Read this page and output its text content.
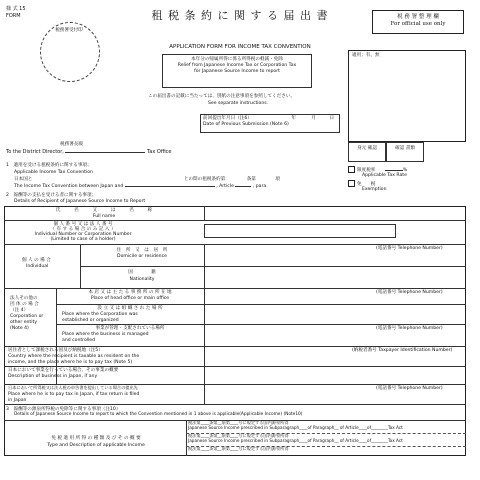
様 式 15
FORM
税務署受付印
租 税 条 約 に 関 す る 届 出 書
APPLICATION FORM FOR INCOME TAX CONVENTION
税 務 署 整 理 欄
For official use only
本年分の帰属所得に係る所得税の軽減・免除
Relief from Japanese Income Tax or Corporation Tax
for Japanese Source Income to report
適用；有、無
この届出書の記載に当たっては、別紙の注意事項を参照してください。
See separate instructions.
前回提出年月日（注6）	年	月	日
Date of Previous Submission (Note 6)
身元 確認	確認 書類
税務署長殿
To the District Director,	Tax Office
1　適用を受ける租税条約に関する事項；
Applicable Income Tax Convention
日本国と	との間の租税条約第	条第	項
The Income Tax Convention between Japan and	, Article	, para.
限度税率	%
Applicable Tax Rate
免　　税
Exemption
2　報酬等の支払を受ける者に関する事項；
Details of Recipient of Japanese Source Income to Report
氏　　　名　　　又　　　は　　　名　　　称
Full name
個 人 番 号 又 は 法 人 番 号
（ 有 す る 場 合 の み 記 入 ）
Individual Number or Corporation Number
(Limited to case of a holder)
個 人 の 場 合
Individual
住　所　又　は　居　所
Domicile or residence
(電話番号 Telephone Number)
国　　　　籍
Nationality
法人その他の
団 体 の 場 合
（注 4）
Corporation or
other entity
(Note 4)
本 店 又 は 主 た る 事 務 所 の 所 在 地
Place of head office or main office
(電話番号 Telephone Number)
設 立 又 は 組 織 さ れ た 場 所
Place where the Corporation was
established or organized
事業が管理・支配されている場所
Place where the business is managed
and controlled
(電話番号 Telephone Number)
居住者として課税される国及び納税地（注5）
Country where the recipient is taxable as resident on the
income, and the place where he is to pay tax (Note 5)
(納税者番号 Taxpayer Identification Number)
日本において事業を行っている場合、その事業の概要
Description of business in Japan, if any
日本において所得税又は法人税の申告書を提出している場合の提出先
Place where he is to pay tax in Japan, if tax return is filed
in Japan
(電話番号 Telephone Number)
3　報酬等の源泉所得税の免除等に関する事項（注10）
Details of Japanese Source Income to report to which the Convention mentioned in 1 above is applicable(Applicable Income) (Note10)
免 税 適 用 所 得 の 種 類 及 び そ の 概 要
Type and Description of applicable Income
税法第____条第__項第____号に規定する国内源泉所得
Japanese Source Income prescribed in Subparagraph____of Paragraph__ of Article____of________Tax Act
税法第____条第__項第____号に規定する国内源泉所得
Japanese Source Income prescribed in Subparagraph____of Paragraph__ of Article____of________Tax Act
税法第____条第__項第____号に規定する国内源泉所得
